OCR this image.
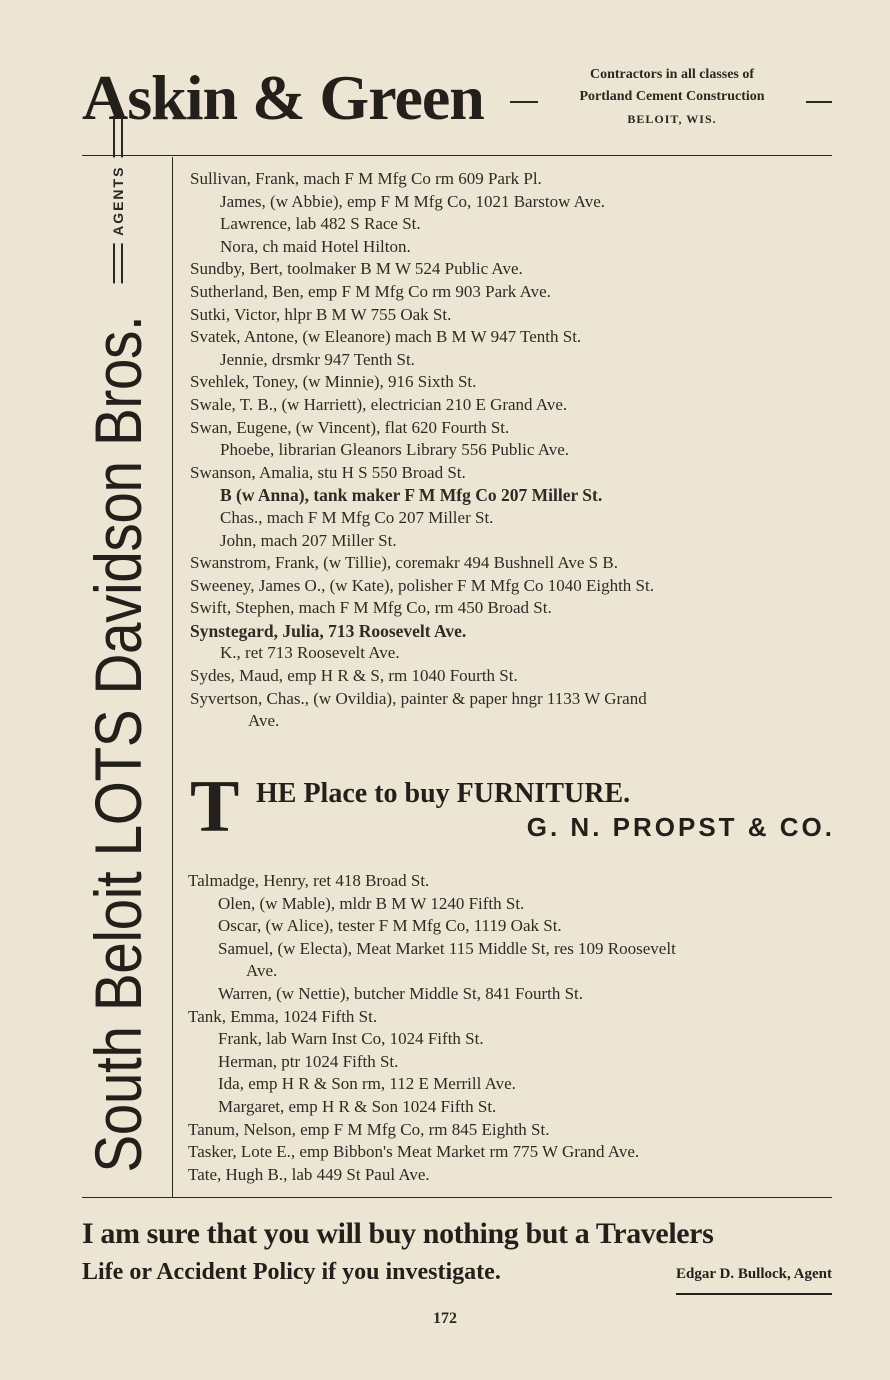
Askin & Green	Contractors in all classes of
Portland Cement Construction
BELOIT, WIS.
South Beloit LOTS Davidson Bros.
AGENTS	Sullivan, Frank, mach F M Mfg Co rm 609 Park Pl.
James, (w Abbie), emp F M Mfg Co, 1021 Barstow Ave.
Lawrence, lab 482 S Race St.
Nora, ch maid Hotel Hilton.
Sundby, Bert, toolmaker B M W 524 Public Ave.
Sutherland, Ben, emp F M Mfg Co rm 903 Park Ave.
Sutki, Victor, hlpr B M W 755 Oak St.
Svatek, Antone, (w Eleanore) mach B M W 947 Tenth St.
Jennie, drsmkr 947 Tenth St.
Svehlek, Toney, (w Minnie), 916 Sixth St.
Swale, T. B., (w Harriett), electrician 210 E Grand Ave.
Swan, Eugene, (w Vincent), flat 620 Fourth St.
Phoebe, librarian Gleanors Library 556 Public Ave.
Swanson, Amalia, stu H S 550 Broad St.
B (w Anna), tank maker F M Mfg Co 207 Miller St.
Chas., mach F M Mfg Co 207 Miller St.
John, mach 207 Miller St.
Swanstrom, Frank, (w Tillie), coremakr 494 Bushnell Ave S B.
Sweeney, James O., (w Kate), polisher F M Mfg Co 1040 Eighth St.
Swift, Stephen, mach F M Mfg Co, rm 450 Broad St.
Synstegard, Julia, 713 Roosevelt Ave.
K., ret 713 Roosevelt Ave.
Sydes, Maud, emp H R & S, rm 1040 Fourth St.
Syvertson, Chas., (w Ovildia), painter & paper hngr 1133 W Grand
Ave.
T HE Place to buy FURNITURE.
G. N. PROPST & CO.
Talmadge, Henry, ret 418 Broad St.
Olen, (w Mable), mldr B M W 1240 Fifth St.
Oscar, (w Alice), tester F M Mfg Co, 1119 Oak St.
Samuel, (w Electa), Meat Market 115 Middle St, res 109 Roosevelt
Ave.
Warren, (w Nettie), butcher Middle St, 841 Fourth St.
Tank, Emma, 1024 Fifth St.
Frank, lab Warn Inst Co, 1024 Fifth St.
Herman, ptr 1024 Fifth St.
Ida, emp H R & Son rm, 112 E Merrill Ave.
Margaret, emp H R & Son 1024 Fifth St.
Tanum, Nelson, emp F M Mfg Co, rm 845 Eighth St.
Tasker, Lote E., emp Bibbon's Meat Market rm 775 W Grand Ave.
Tate, Hugh B., lab 449 St Paul Ave.
I am sure that you will buy nothing but a Travelers
Life or Accident Policy if you investigate.	Edgar D. Bullock, Agent
172
